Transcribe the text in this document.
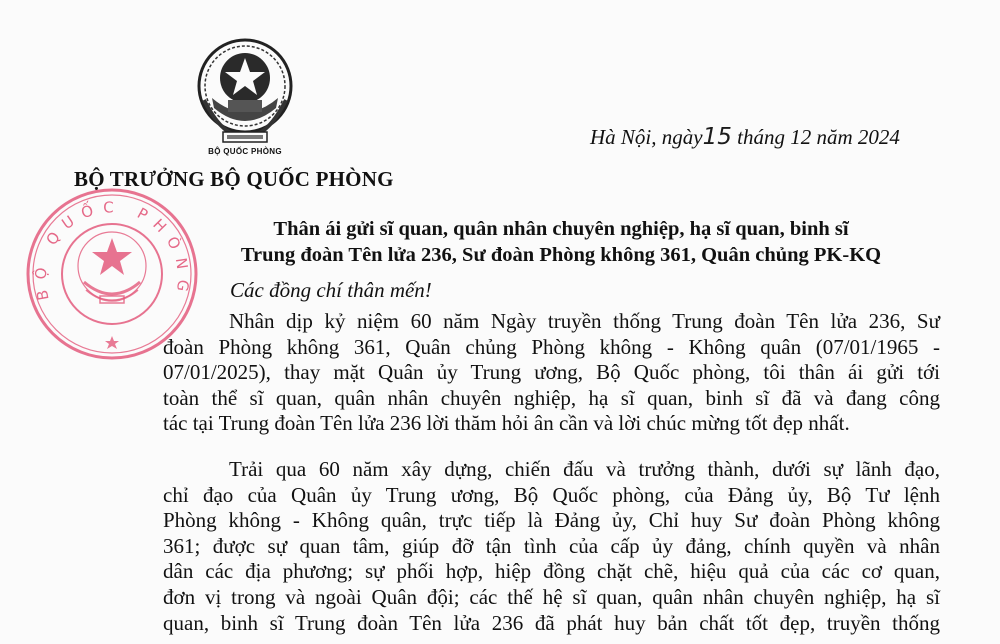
BỘ QUỐC PHÒNG
Hà Nội, ngày15 tháng 12 năm 2024
BỘ TRƯỞNG BỘ QUỐC PHÒNG
BỘ QUỐC PHÒNG
Thân ái gửi sĩ quan, quân nhân chuyên nghiệp, hạ sĩ quan, binh sĩ
Trung đoàn Tên lửa 236, Sư đoàn Phòng không 361, Quân chủng PK-KQ
Các đồng chí thân mến!
Nhân dịp kỷ niệm 60 năm Ngày truyền thống Trung đoàn Tên lửa 236, Sư
đoàn Phòng không 361, Quân chủng Phòng không - Không quân (07/01/1965 -
07/01/2025), thay mặt Quân ủy Trung ương, Bộ Quốc phòng, tôi thân ái gửi tới
toàn thể sĩ quan, quân nhân chuyên nghiệp, hạ sĩ quan, binh sĩ đã và đang công
tác tại Trung đoàn Tên lửa 236 lời thăm hỏi ân cần và lời chúc mừng tốt đẹp nhất.
Trải qua 60 năm xây dựng, chiến đấu và trưởng thành, dưới sự lãnh đạo,
chỉ đạo của Quân ủy Trung ương, Bộ Quốc phòng, của Đảng ủy, Bộ Tư lệnh
Phòng không - Không quân, trực tiếp là Đảng ủy, Chỉ huy Sư đoàn Phòng không
361; được sự quan tâm, giúp đỡ tận tình của cấp ủy đảng, chính quyền và nhân
dân các địa phương; sự phối hợp, hiệp đồng chặt chẽ, hiệu quả của các cơ quan,
đơn vị trong và ngoài Quân đội; các thế hệ sĩ quan, quân nhân chuyên nghiệp, hạ sĩ
quan, binh sĩ Trung đoàn Tên lửa 236 đã phát huy bản chất tốt đẹp, truyền thống
